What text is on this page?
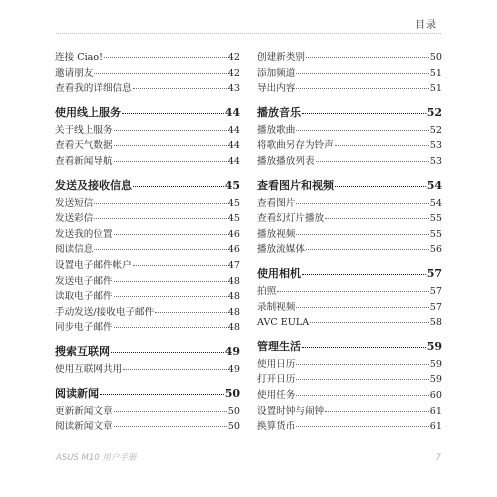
目录
连接 Ciao!	42
邀请朋友	42
查看我的详细信息	43
使用线上服务	44
关于线上服务	44
查看天气数据	44
查看新闻导航	44
发送及接收信息	45
发送短信	45
发送彩信	45
发送我的位置	46
阅读信息	46
设置电子邮件帐户	47
发送电子邮件	48
读取电子邮件	48
手动发送/接收电子邮件	48
同步电子邮件	48
搜索互联网	49
使用互联网共用	49
阅读新闻	50
更新新闻文章	50
阅读新闻文章	50
创建新类别	50
添加频道	51
导出内容	51
播放音乐	52
播放歌曲	52
将歌曲另存为铃声	53
播放播放列表	53
查看图片和视频	54
查看图片	54
查看幻灯片播放	55
播放视频	55
播放流媒体	56
使用相机	57
拍照	57
录制视频	57
AVC EULA	58
管理生活	59
使用日历	59
打开日历	59
使用任务	60
设置时钟与闹钟	61
换算货币	61
ASUS M10 用户手册	7
